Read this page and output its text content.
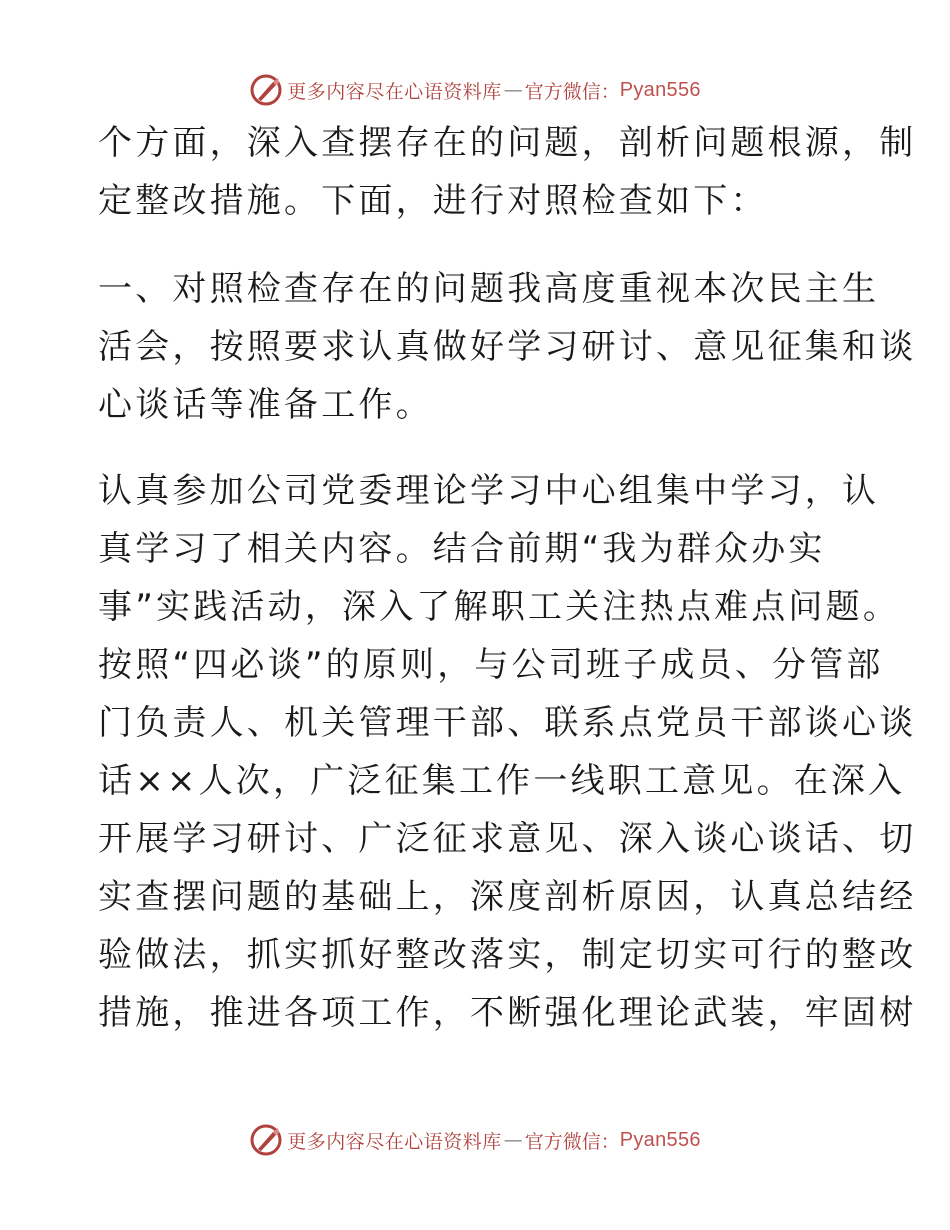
更多内容尽在心语资料库 — 官方微信： Pyan556
个方面，深入查摆存在的问题，剖析问题根源，制
定整改措施。下面，进行对照检查如下：
一、对照检查存在的问题我高度重视本次民主生
活会，按照要求认真做好学习研讨、意见征集和谈
心谈话等准备工作。
认真参加公司党委理论学习中心组集中学习，认
真学习了相关内容。结合前期“我为群众办实
事”实践活动，深入了解职工关注热点难点问题。
按照“四必谈”的原则，与公司班子成员、分管部
门负责人、机关管理干部、联系点党员干部谈心谈
话××人次，广泛征集工作一线职工意见。在深入
开展学习研讨、广泛征求意见、深入谈心谈话、切
实查摆问题的基础上，深度剖析原因，认真总结经
验做法，抓实抓好整改落实，制定切实可行的整改
措施，推进各项工作，不断强化理论武装，牢固树
更多内容尽在心语资料库 — 官方微信： Pyan556
